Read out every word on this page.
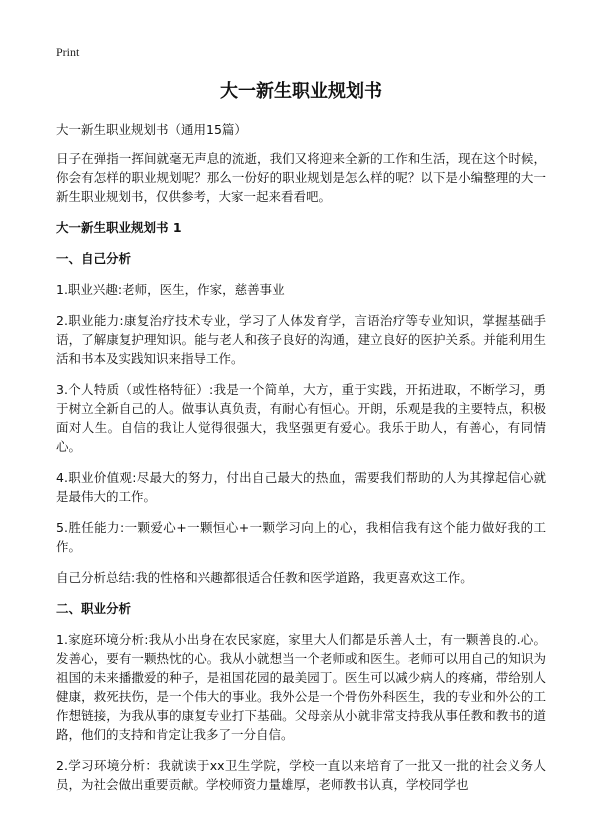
Print
大一新生职业规划书

大一新生职业规划书（通用15篇）

日子在弹指一挥间就毫无声息的流逝，我们又将迎来全新的工作和生活，现在这个时候，你会有怎样的职业规划呢？那么一份好的职业规划是怎么样的呢？以下是小编整理的大一新生职业规划书，仅供参考，大家一起来看看吧。

大一新生职业规划书 1
一、自己分析

1.职业兴趣:老师，医生，作家，慈善事业

2.职业能力:康复治疗技术专业，学习了人体发育学，言语治疗等专业知识，掌握基础手语，了解康复护理知识。能与老人和孩子良好的沟通，建立良好的医护关系。并能利用生活和书本及实践知识来指导工作。

3.个人特质（或性格特征）:我是一个简单，大方，重于实践，开拓进取，不断学习，勇于树立全新自己的人。做事认真负责，有耐心有恒心。开朗，乐观是我的主要特点，积极面对人生。自信的我让人觉得很强大，我坚强更有爱心。我乐于助人，有善心，有同情心。

4.职业价值观:尽最大的努力，付出自己最大的热血，需要我们帮助的人为其撑起信心就是最伟大的工作。

5.胜任能力:一颗爱心+一颗恒心+一颗学习向上的心，我相信我有这个能力做好我的工作。

自己分析总结:我的性格和兴趣都很适合任教和医学道路，我更喜欢这工作。

二、职业分析

1.家庭环境分析:我从小出身在农民家庭，家里大人们都是乐善人士，有一颗善良的.心。发善心，要有一颗热忱的心。我从小就想当一个老师或和医生。老师可以用自己的知识为祖国的未来播撒爱的种子，是祖国花园的最美园丁。医生可以减少病人的疼痛，带给别人健康，救死扶伤，是一个伟大的事业。我外公是一个骨伤外科医生，我的专业和外公的工作想链接，为我从事的康复专业打下基础。父母亲从小就非常支持我从事任教和教书的道路，他们的支持和肯定让我多了一分自信。

2.学习环境分析：我就读于xx卫生学院，学校一直以来培育了一批又一批的社会义务人员，为社会做出重要贡献。学校师资力量雄厚，老师教书认真，学校同学也
